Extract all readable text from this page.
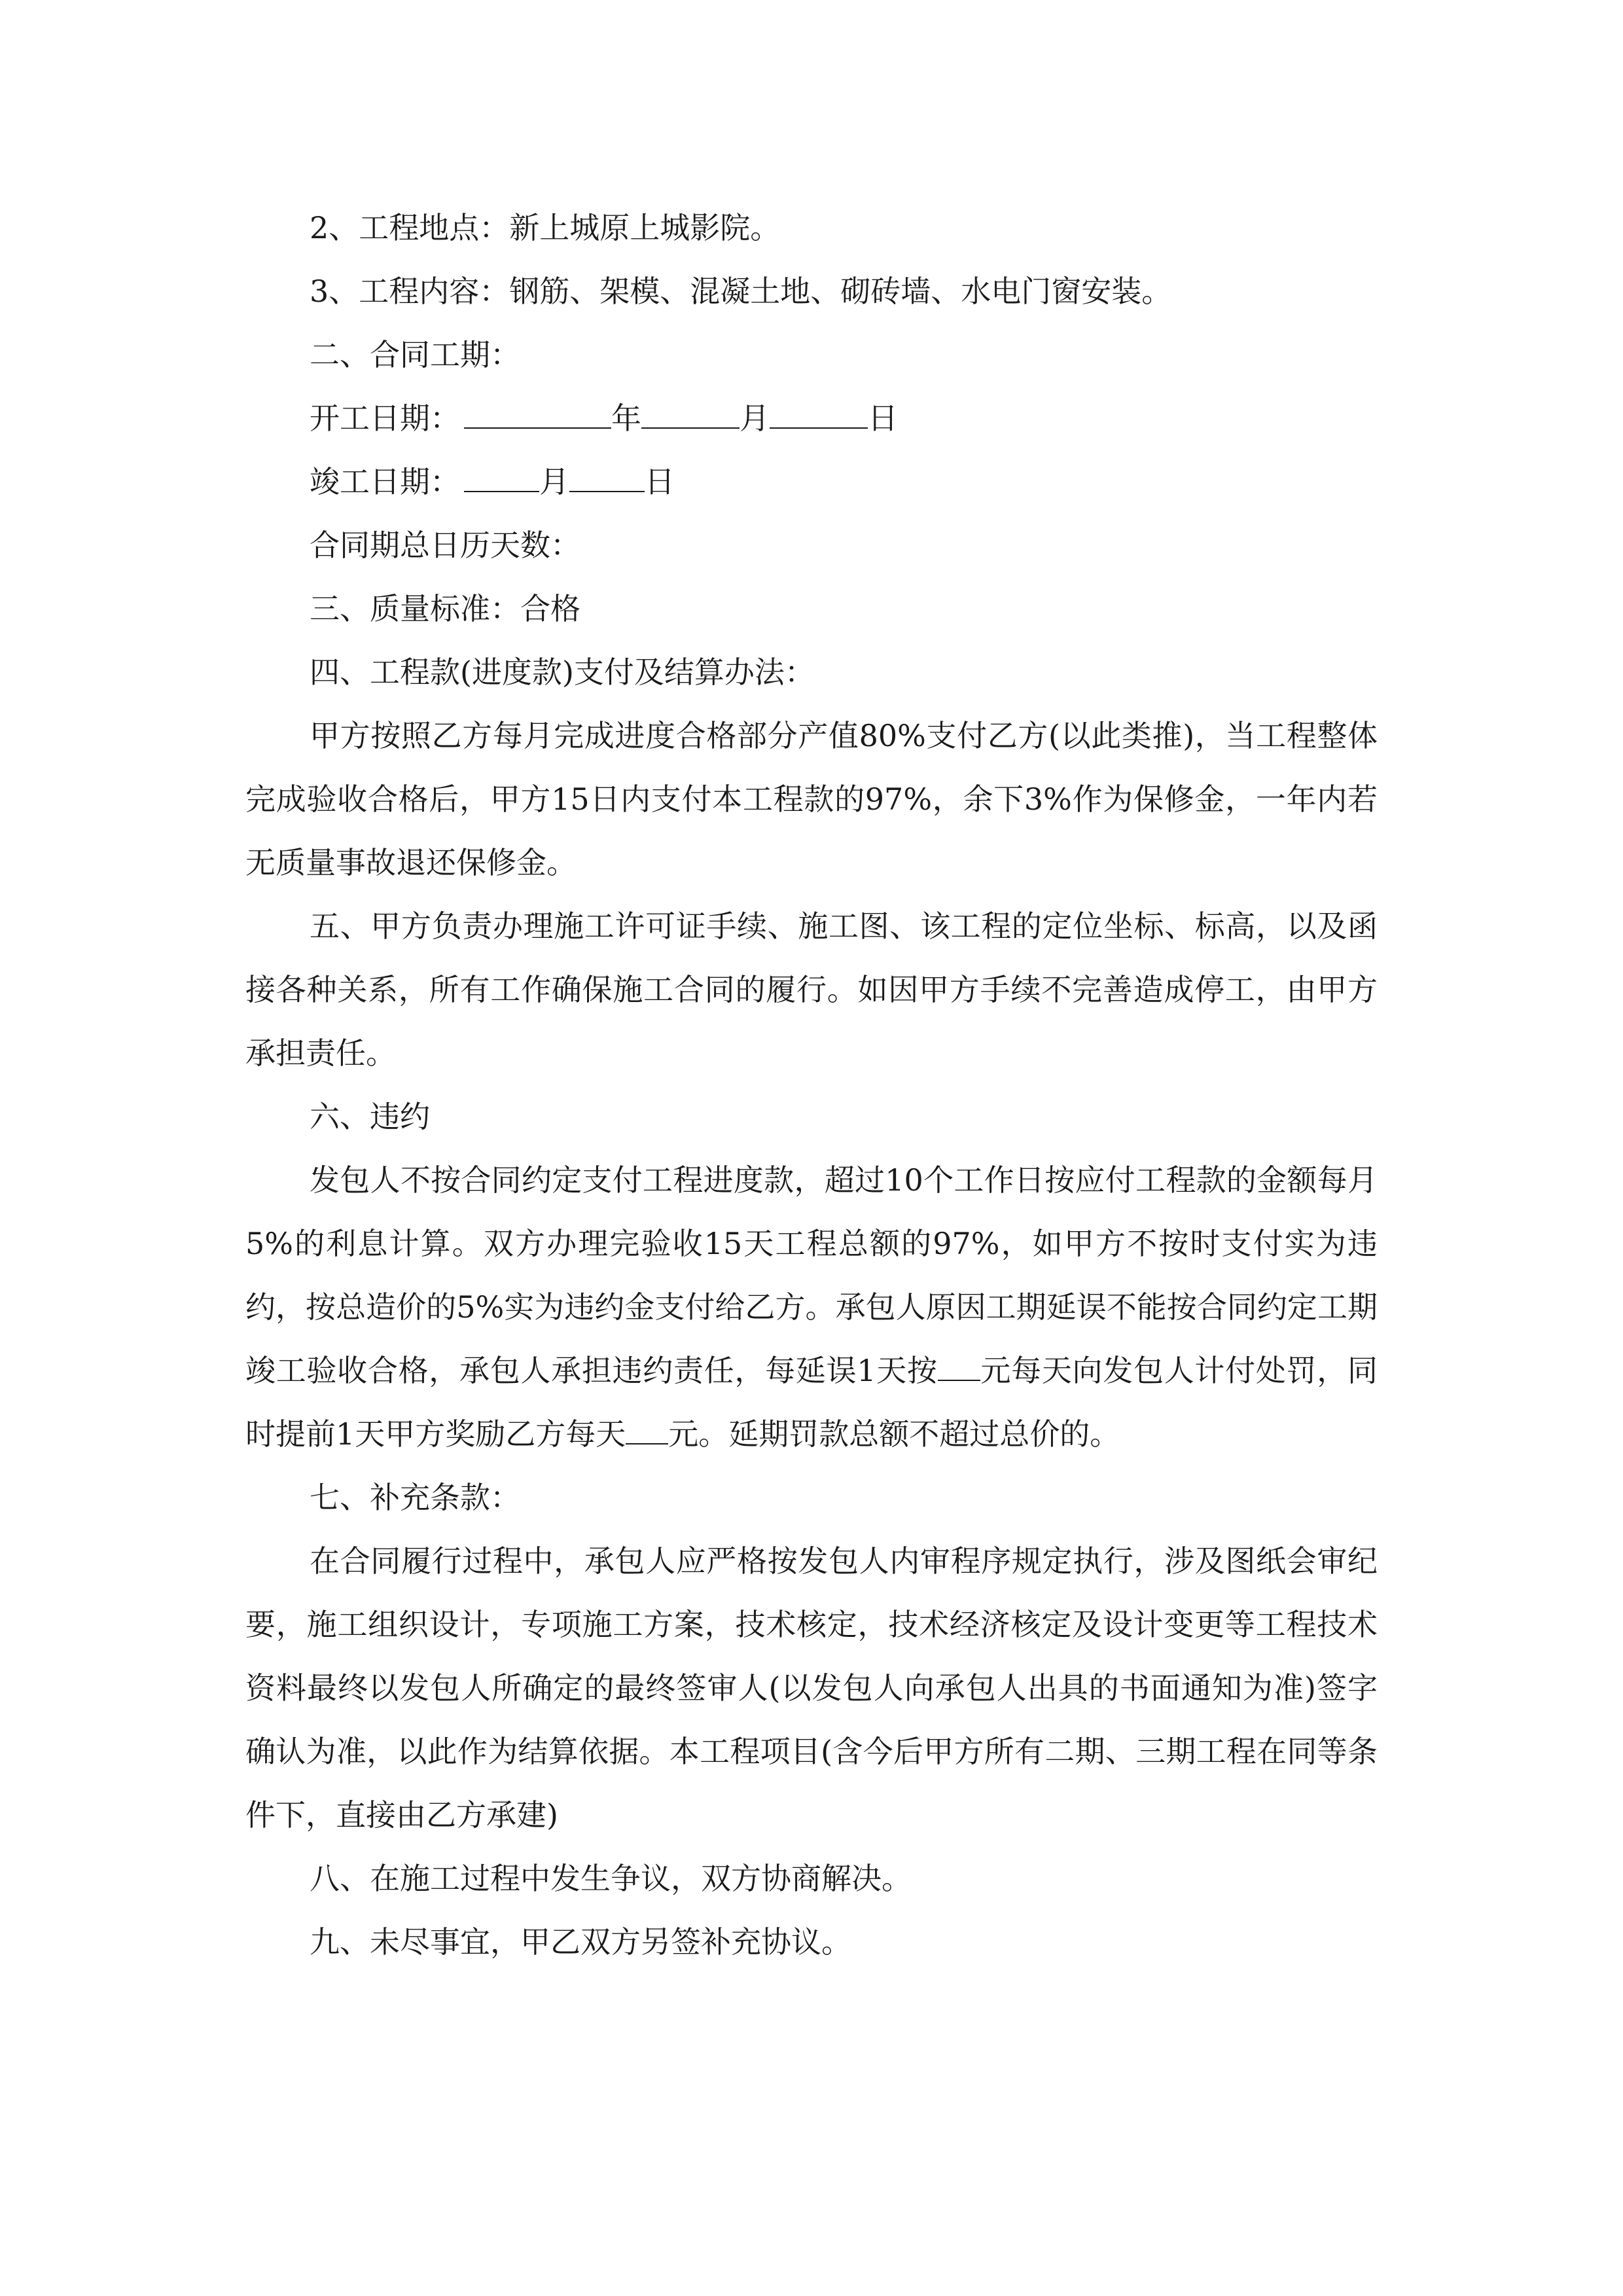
2、工程地点：新上城原上城影院。

3、工程内容：钢筋、架模、混凝土地、砌砖墙、水电门窗安装。

二、合同工期：

开工日期：	年	月	日

竣工日期：	月	日

合同期总日历天数：

三、质量标准：合格

四、工程款(进度款)支付及结算办法：

甲方按照乙方每月完成进度合格部分产值80%支付乙方(以此类推)，当工程整体完成验收合格后，甲方15日内支付本工程款的97%，余下3%作为保修金，一年内若无质量事故退还保修金。

五、甲方负责办理施工许可证手续、施工图、该工程的定位坐标、标高，以及函接各种关系，所有工作确保施工合同的履行。如因甲方手续不完善造成停工，由甲方承担责任。

六、违约

发包人不按合同约定支付工程进度款，超过10个工作日按应付工程款的金额每月5%的利息计算。双方办理完验收15天工程总额的97%，如甲方不按时支付实为违约，按总造价的5%实为违约金支付给乙方。承包人原因工期延误不能按合同约定工期竣工验收合格，承包人承担违约责任，每延误1天按 元每天向发包人计付处罚，同时提前1天甲方奖励乙方每天 元。延期罚款总额不超过总价的。

七、补充条款：

在合同履行过程中，承包人应严格按发包人内审程序规定执行，涉及图纸会审纪要，施工组织设计，专项施工方案，技术核定，技术经济核定及设计变更等工程技术资料最终以发包人所确定的最终签审人(以发包人向承包人出具的书面通知为准)签字确认为准，以此作为结算依据。本工程项目(含今后甲方所有二期、三期工程在同等条件下，直接由乙方承建)

八、在施工过程中发生争议，双方协商解决。

九、未尽事宜，甲乙双方另签补充协议。
